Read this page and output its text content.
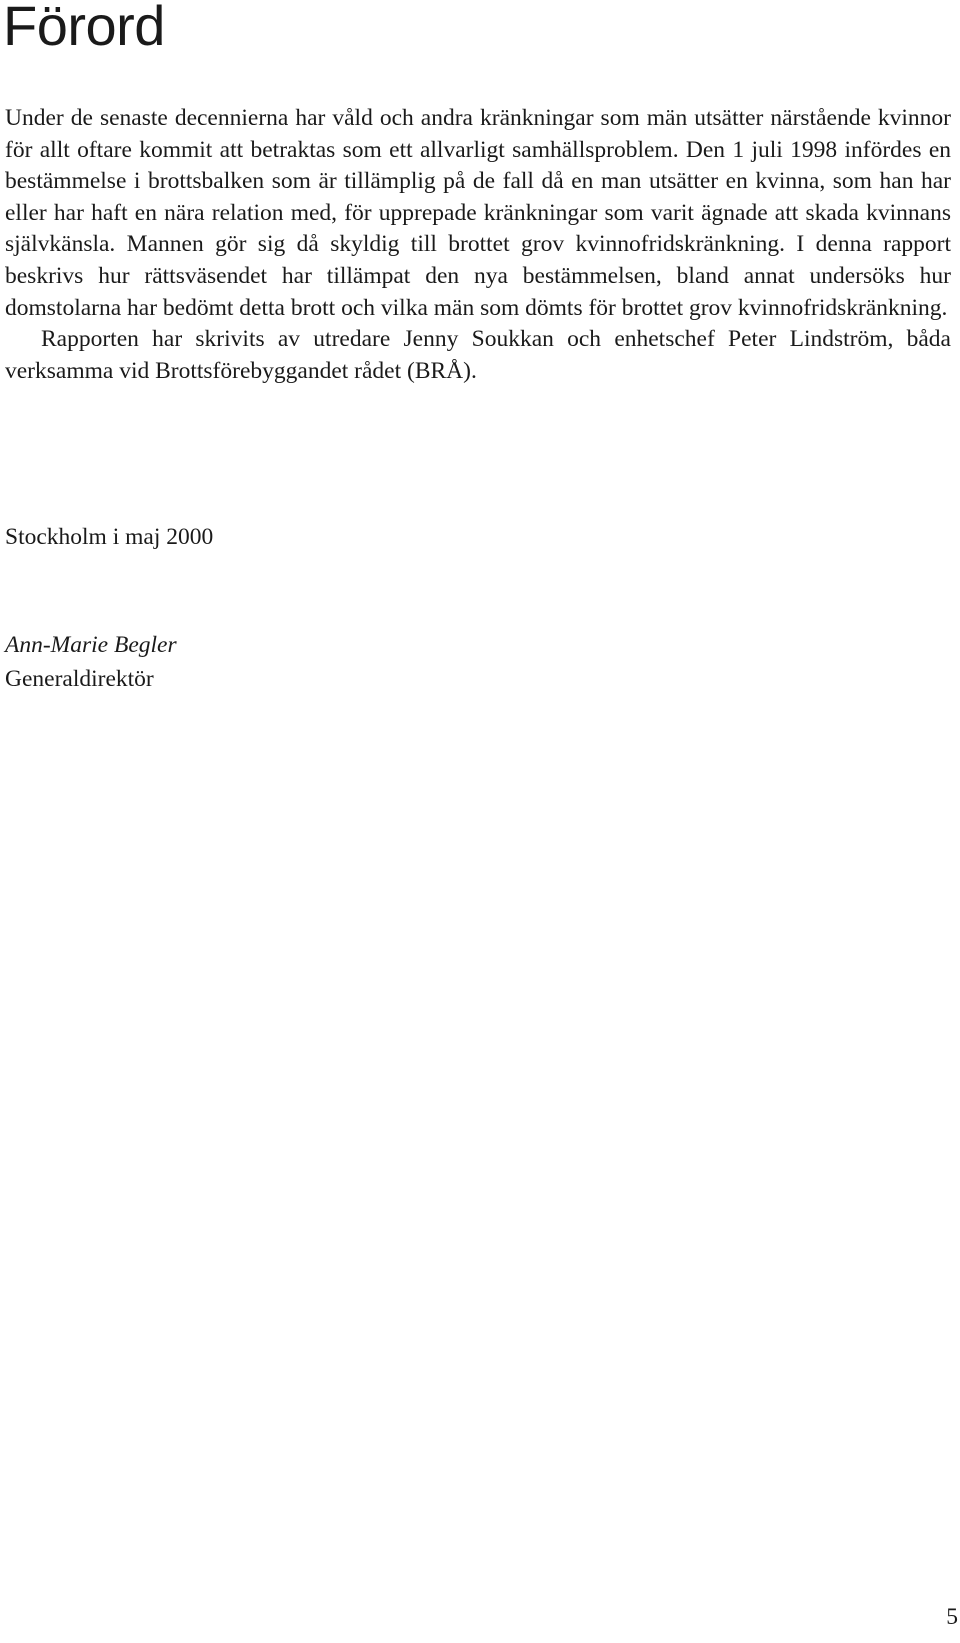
Förord

Under de senaste decennierna har våld och andra kränkningar som män utsätter närstående kvinnor för allt oftare kommit att betraktas som ett allvarligt samhällsproblem. Den 1 juli 1998 infördes en bestämmelse i brottsbalken som är tillämplig på de fall då en man utsätter en kvinna, som han har eller har haft en nära relation med, för upprepade kränkningar som varit ägnade att skada kvinnans självkänsla. Mannen gör sig då skyldig till brottet grov kvinnofridskränkning. I denna rapport beskrivs hur rättsväsendet har tillämpat den nya bestämmelsen, bland annat undersöks hur domstolarna har bedömt detta brott och vilka män som dömts för brottet grov kvinnofridskränkning.

Rapporten har skrivits av utredare Jenny Soukkan och enhetschef Peter Lindström, båda verksamma vid Brottsförebyggandet rådet (BRÅ).

Stockholm i maj 2000

Ann-Marie Begler

Generaldirektör

5
